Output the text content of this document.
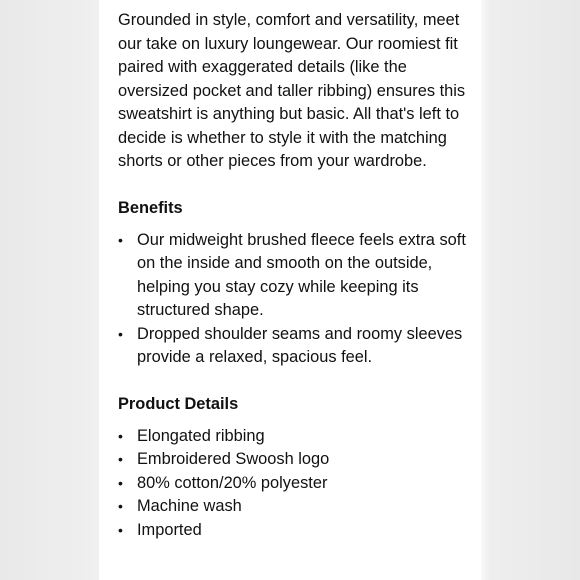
Grounded in style, comfort and versatility, meet our take on luxury loungewear. Our roomiest fit paired with exaggerated details (like the oversized pocket and taller ribbing) ensures this sweatshirt is anything but basic. All that's left to decide is whether to style it with the matching shorts or other pieces from your wardrobe.

Benefits

• Our midweight brushed fleece feels extra soft on the inside and smooth on the outside, helping you stay cozy while keeping its structured shape.
• Dropped shoulder seams and roomy sleeves provide a relaxed, spacious feel.

Product Details

• Elongated ribbing
• Embroidered Swoosh logo
• 80% cotton/20% polyester
• Machine wash
• Imported
